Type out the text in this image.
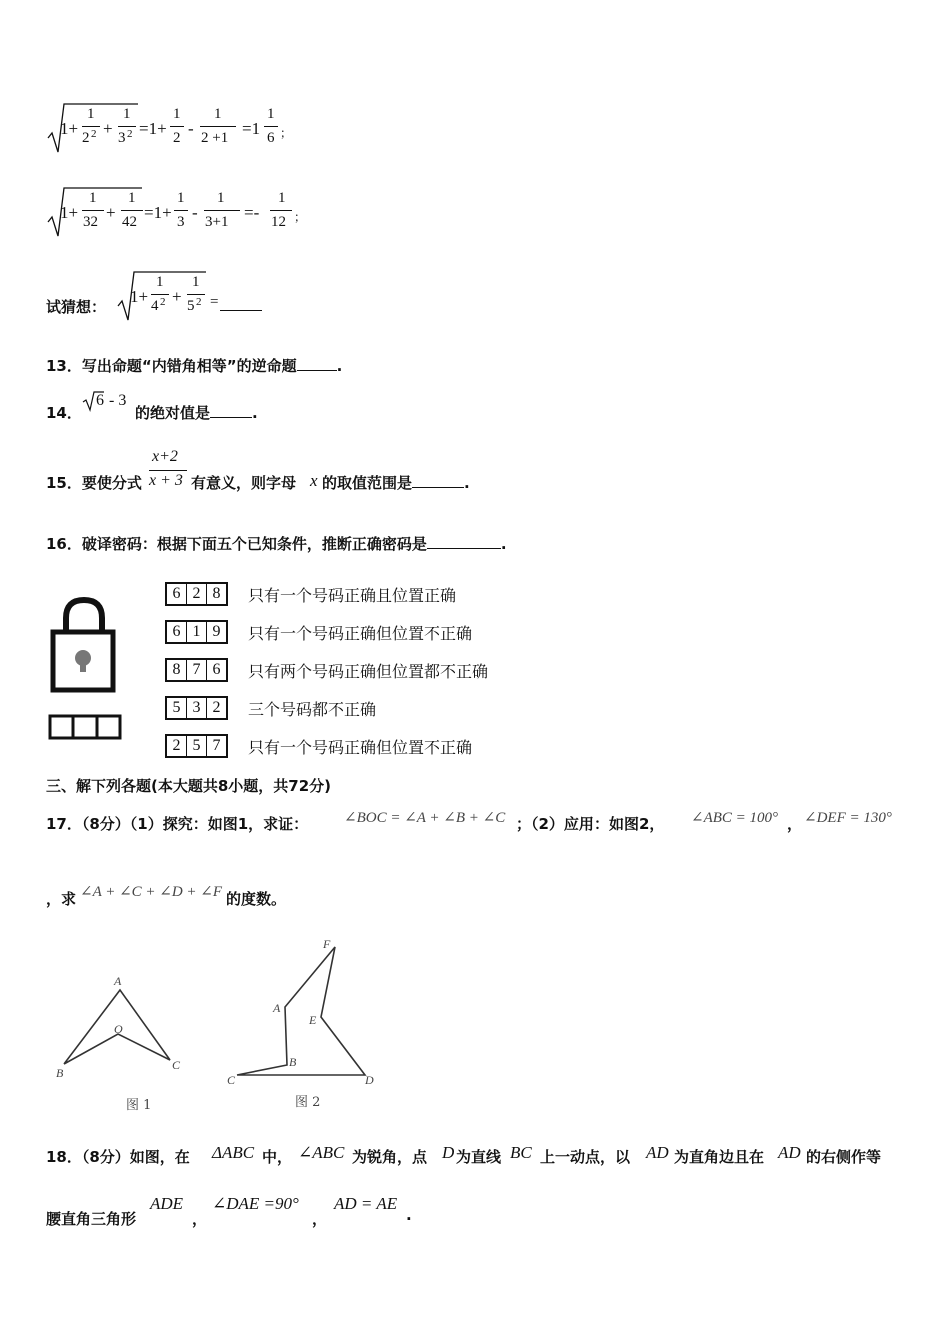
1+
1
2 2 +
1
3 2 =1+
1
2 -
1
2 +1 =1
1
6 ；
1+
1
32 +
1
42 =1+
1
3 -
1
3+1 =-
1
12 ；
试猜想：
1+
1
4 2 +
1
5 2 =
13．写出命题“内错角相等”的逆命题	.
14．
6 - 3
的绝对值是	.
15．要使分式
x+2
x + 3 有意义，则字母 x 的取值范围是	.
16．破译密码：根据下面五个已知条件，推断正确密码是	.
6 2 8	只有一个号码正确且位置正确
6 1 9	只有一个号码正确但位置不正确
8 7 6	只有两个号码正确但位置都不正确
5 3 2	三个号码都不正确
2 5 7	只有一个号码正确但位置不正确
三、解下列各题(本大题共8小题，共72分)
17．（8分）（1）探究：如图1，求证： ∠BOC = ∠A + ∠B + ∠C ；（2）应用：如图2， ∠ABC = 100° ， ∠DEF = 130°
，求 ∠A + ∠C + ∠D + ∠F 的度数。
A
O
B
C
图 1
F
A
E
B
C	D
图 2
18．（8分）如图，在 ΔABC 中， ∠ABC 为锐角，点 D 为直线 BC 上一动点，以 AD 为直角边且在 AD 的右侧作等
腰直角三角形
ADE
，
∠DAE =90°
，
AD = AE
.
